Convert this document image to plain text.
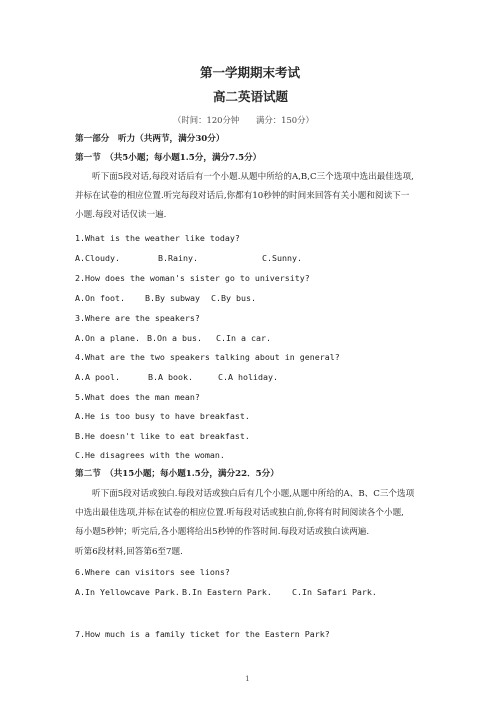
第一学期期末考试
高二英语试题
（时间：120分钟　　满分：150分）
第一部分　听力（共两节，满分30分）
第一节　（共5小题；每小题1.5分，满分7.5分）
听下面5段对话,每段对话后有一个小题.从题中所给的A,B,C三个选项中选出最佳选项,
并标在试卷的相应位置.听完每段对话后,你都有10秒钟的时间来回答有关小题和阅读下一
小题.每段对话仅读一遍.
1.What is the weather like today?
A.Cloudy.	B.Rainy.	C.Sunny.
2.How does the woman's sister go to university?
A.On foot. B.By subway C.By bus.
3.Where are the speakers?
A.On a plane. B.On a bus. C.In a car.
4.What are the two speakers talking about in general?
A.A pool.	B.A book.	C.A holiday.
5.What does the man mean?
A.He is too busy to have breakfast.
B.He doesn't like to eat breakfast.
C.He disagrees with the woman.
第二节　（共15小题；每小题1.5分，满分22．5分）
听下面5段对话或独白.每段对话或独白后有几个小题,从题中所给的A、B、C三个选项
中选出最佳选项,并标在试卷的相应位置.听每段对话或独白前,你将有时间阅读各个小题,
每小题5秒钟；听完后,各小题将给出5秒钟的作答时间.每段对话或独白读两遍.
听第6段材料,回答第6至7题.
6.Where can visitors see lions?
A.In Yellowcave Park. B.In Eastern Park. C.In Safari Park.
7.How much is a family ticket for the Eastern Park?
1
